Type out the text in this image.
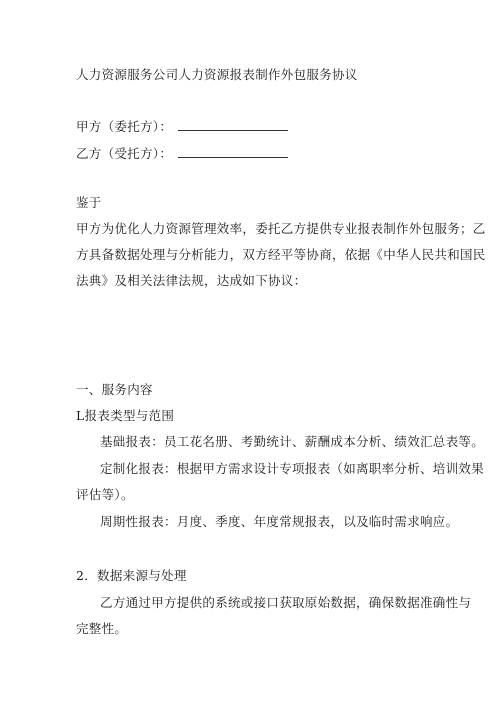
人力资源服务公司人力资源报表制作外包服务协议
甲方（委托方）：
乙方（受托方）：
鉴于
甲方为优化人力资源管理效率，委托乙方提供专业报表制作外包服务；乙
方具备数据处理与分析能力，双方经平等协商，依据《中华人民共和国民
法典》及相关法律法规，达成如下协议：
一、服务内容
L报表类型与范围
基础报表：员工花名册、考勤统计、薪酬成本分析、绩效汇总表等。
定制化报表：根据甲方需求设计专项报表（如离职率分析、培训效果
评估等）。
周期性报表：月度、季度、年度常规报表，以及临时需求响应。
2．数据来源与处理
乙方通过甲方提供的系统或接口获取原始数据，确保数据准确性与
完整性。
